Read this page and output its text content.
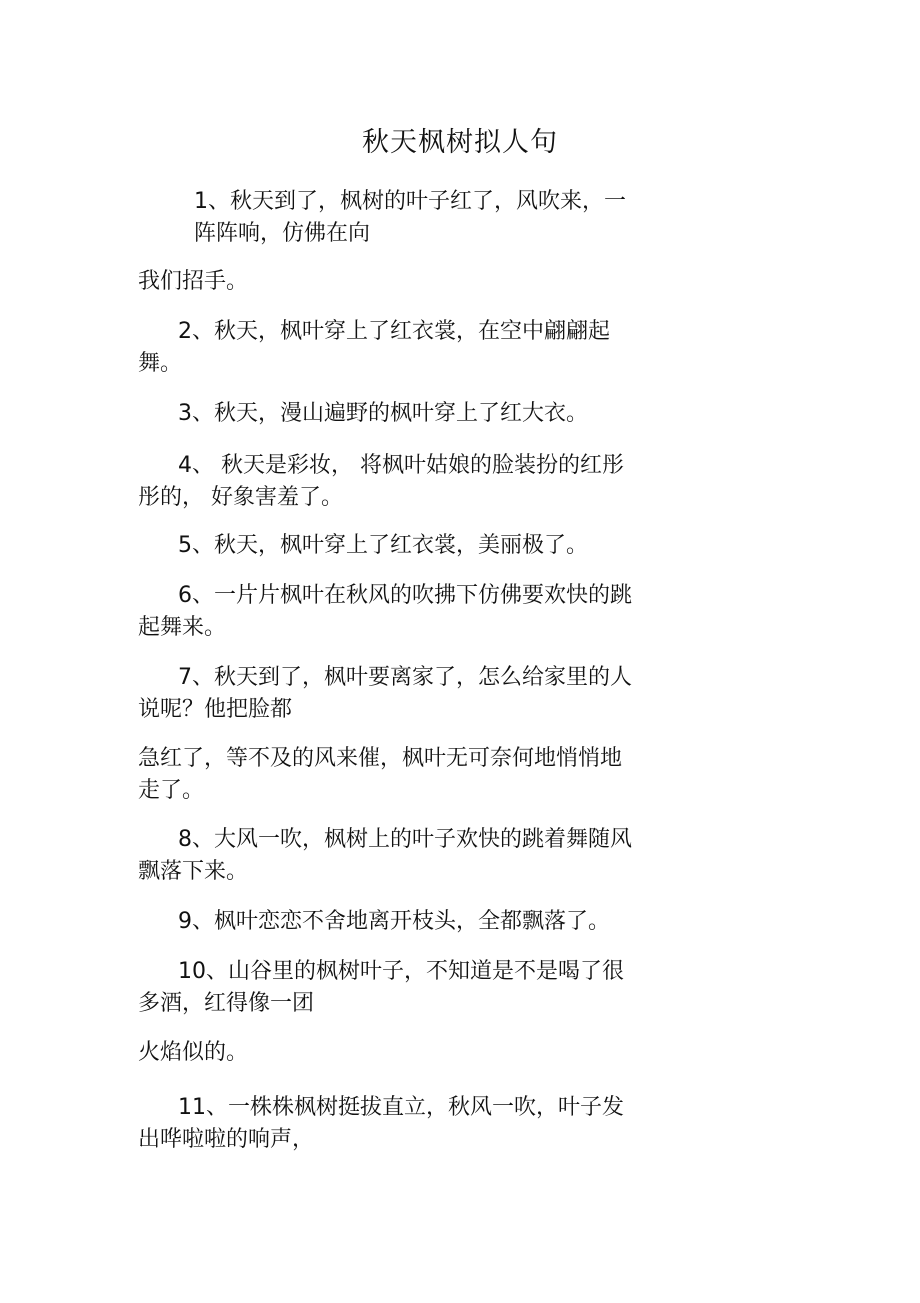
秋天枫树拟人句
1、秋天到了，枫树的叶子红了，风吹来，一
阵阵响，仿佛在向
我们招手。
2、秋天，枫叶穿上了红衣裳，在空中翩翩起
舞。
3、秋天，漫山遍野的枫叶穿上了红大衣。
4、 秋天是彩妆， 将枫叶姑娘的脸装扮的红彤
彤的， 好象害羞了。
5、秋天，枫叶穿上了红衣裳，美丽极了。
6、一片片枫叶在秋风的吹拂下仿佛要欢快的跳
起舞来。
7、秋天到了，枫叶要离家了，怎么给家里的人
说呢？他把脸都
急红了，等不及的风来催，枫叶无可奈何地悄悄地
走了。
8、大风一吹，枫树上的叶子欢快的跳着舞随风
飘落下来。
9、枫叶恋恋不舍地离开枝头，全都飘落了。
10、山谷里的枫树叶子，不知道是不是喝了很
多酒，红得像一团
火焰似的。
11、一株株枫树挺拔直立，秋风一吹，叶子发
出哗啦啦的响声，
